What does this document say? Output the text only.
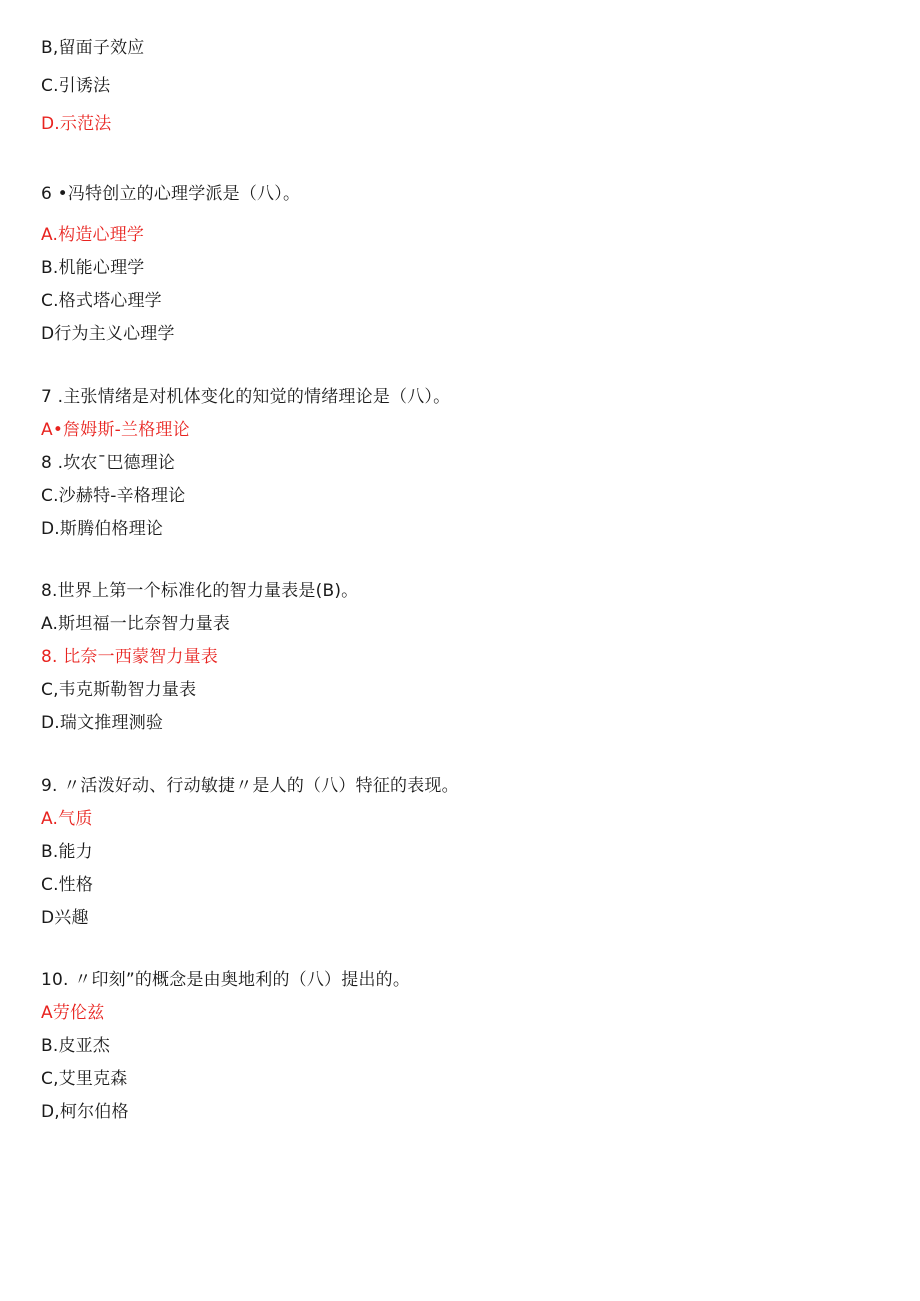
B,留面子效应
C.引诱法
D.示范法
6 •冯特创立的心理学派是（八）。
A.构造心理学
B.机能心理学
C.格式塔心理学
D行为主义心理学
7 .主张情绪是对机体变化的知觉的情绪理论是（八）。
A•詹姆斯-兰格理论
8 .坎农¯巴德理论
C.沙赫特-辛格理论
D.斯腾伯格理论
8.世界上第一个标准化的智力量表是(B)。
A.斯坦福一比奈智力量表
8. 比奈一西蒙智力量表
C,韦克斯勒智力量表
D.瑞文推理测验
9. 〃活泼好动、行动敏捷〃是人的（八）特征的表现。
A.气质
B.能力
C.性格
D兴趣
10. 〃印刻”的概念是由奥地利的（八）提出的。
A劳伦兹
B.皮亚杰
C,艾里克森
D,柯尔伯格
